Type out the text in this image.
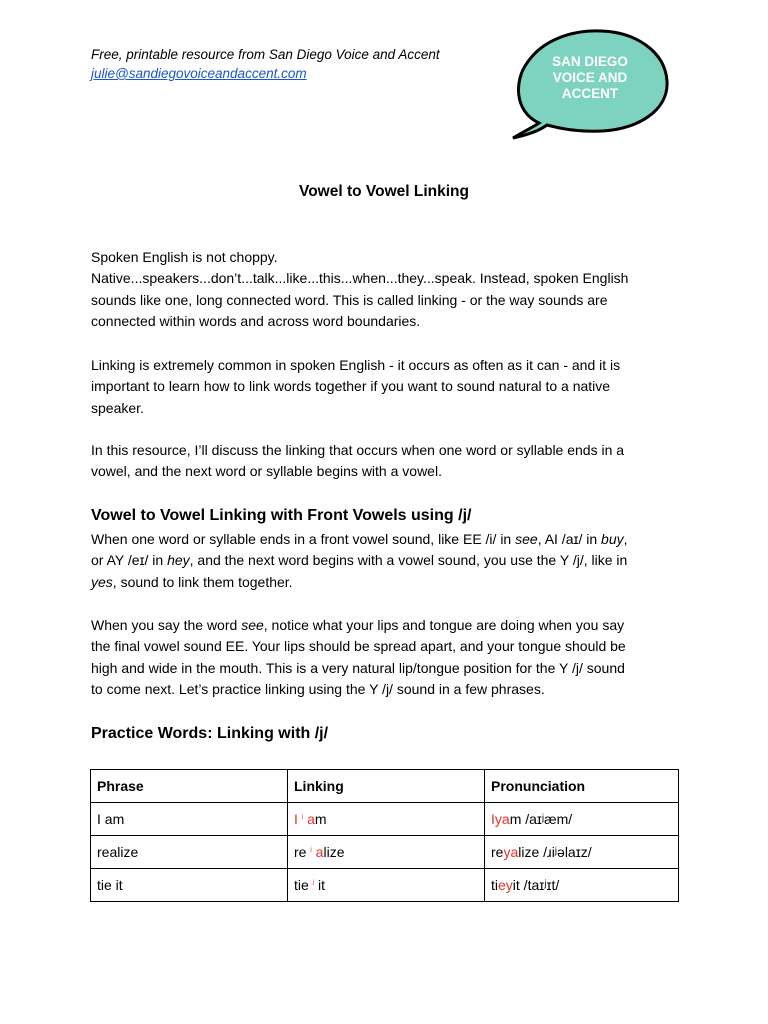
Free, printable resource from San Diego Voice and Accent
julie@sandiegovoiceandaccent.com
SAN DIEGO
VOICE AND
ACCENT
Vowel to Vowel Linking

Spoken English is not choppy.

Native...speakers...don’t...talk...like...this...when...they...speak. Instead, spoken English

sounds like one, long connected word. This is called linking - or the way sounds are

connected within words and across word boundaries.

Linking is extremely common in spoken English - it occurs as often as it can - and it is

important to learn how to link words together if you want to sound natural to a native

speaker.

In this resource, I’ll discuss the linking that occurs when one word or syllable ends in a

vowel, and the next word or syllable begins with a vowel.

Vowel to Vowel Linking with Front Vowels using /j/

When one word or syllable ends in a front vowel sound, like EE /i/ in see, AI /aɪ/ in buy,

or AY /eɪ/ in hey, and the next word begins with a vowel sound, you use the Y /j/, like in

yes, sound to link them together.

When you say the word see, notice what your lips and tongue are doing when you say

the final vowel sound EE. Your lips should be spread apart, and your tongue should be

high and wide in the mouth. This is a very natural lip/tongue position for the Y /j/ sound

to come next. Let’s practice linking using the Y /j/ sound in a few phrases.

Practice Words: Linking with /j/
Phrase	Linking	Pronunciation
I am	I $^ʲ$ am	Iyam /aɪʲæm/
realize	re $^ʲ$ alize	reyalize /ɹiʲəlaɪz/
tie it	tie $^ʲ$ it	tieyit /taɪʲɪt/
